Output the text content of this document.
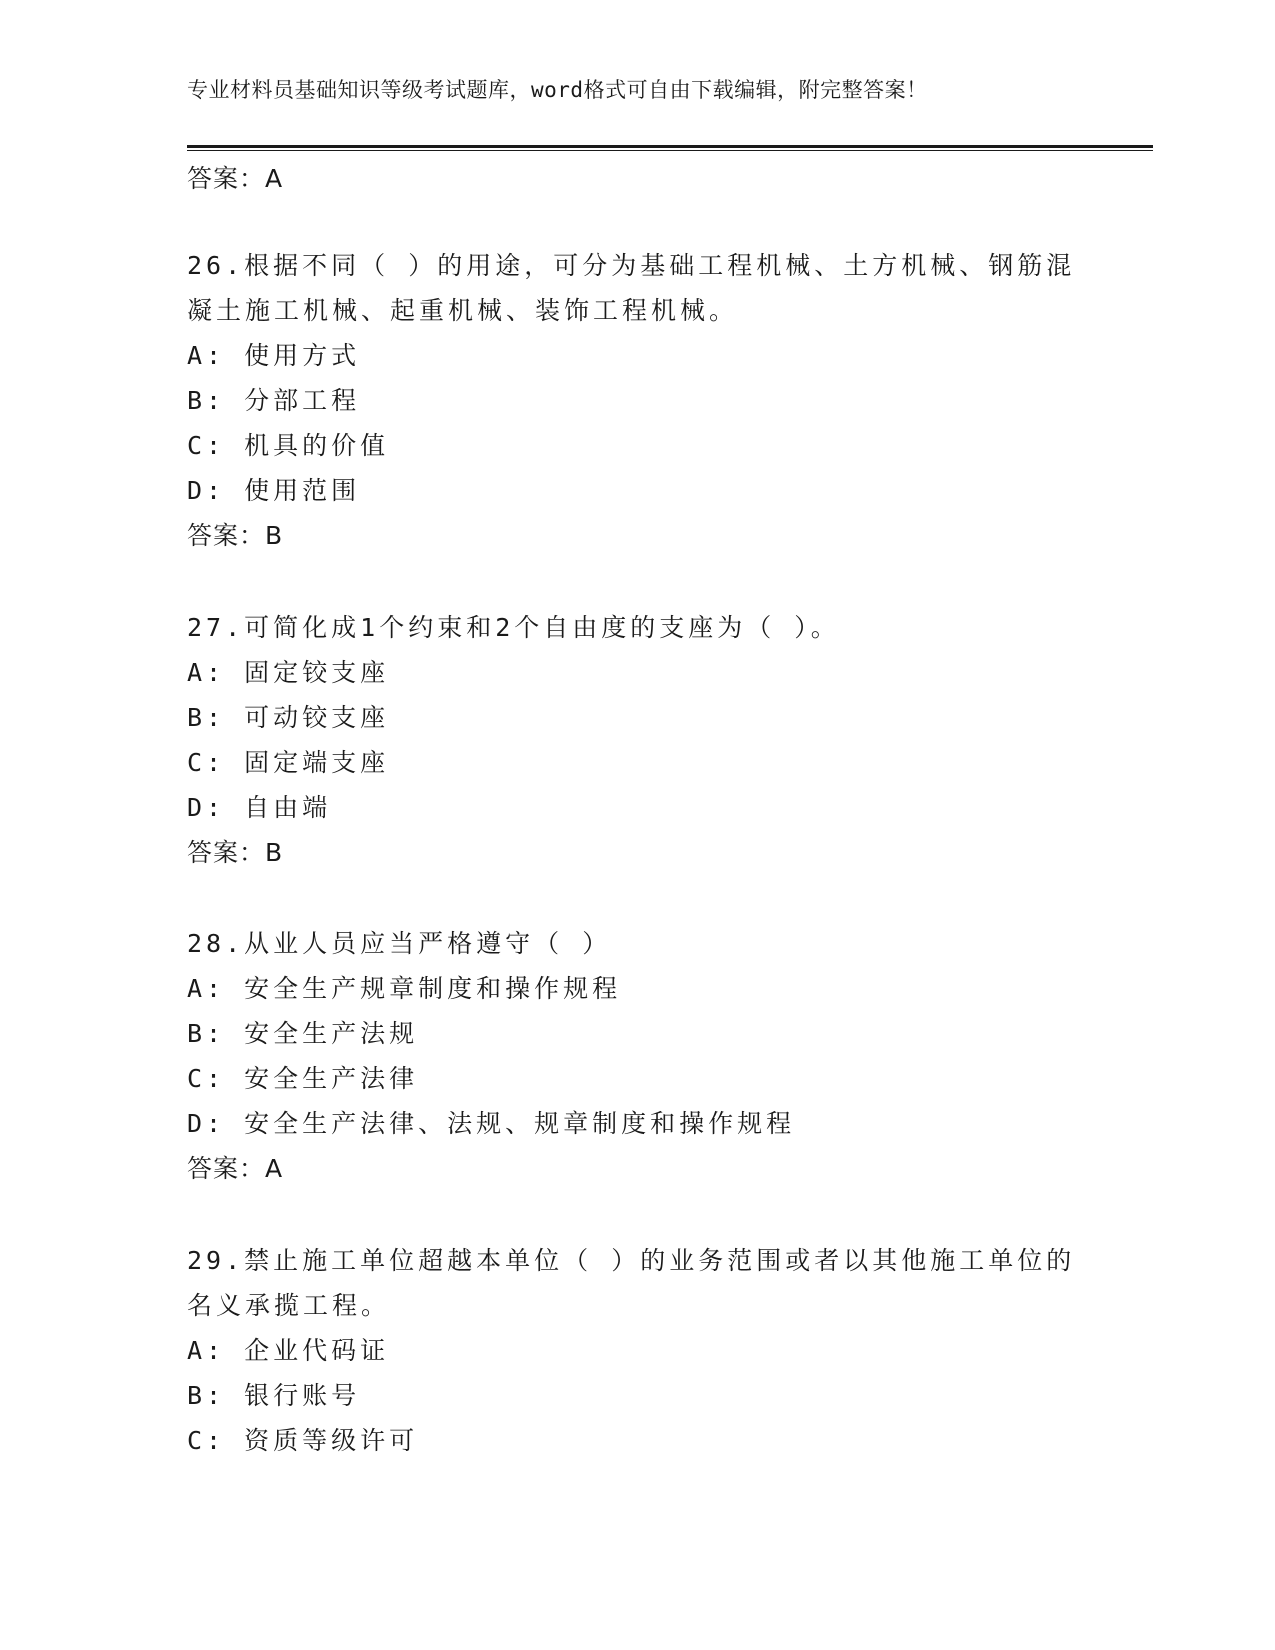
专业材料员基础知识等级考试题库，word格式可自由下载编辑，附完整答案！
答案：A
26.根据不同（ ）的用途，可分为基础工程机械、土方机械、钢筋混
凝土施工机械、起重机械、装饰工程机械。
A: 使用方式
B: 分部工程
C: 机具的价值
D: 使用范围
答案：B
27.可简化成1个约束和2个自由度的支座为（ ）。
A: 固定铰支座
B: 可动铰支座
C: 固定端支座
D: 自由端
答案：B
28.从业人员应当严格遵守（ ）
A: 安全生产规章制度和操作规程
B: 安全生产法规
C: 安全生产法律
D: 安全生产法律、法规、规章制度和操作规程
答案：A
29.禁止施工单位超越本单位（ ）的业务范围或者以其他施工单位的
名义承揽工程。
A: 企业代码证
B: 银行账号
C: 资质等级许可
